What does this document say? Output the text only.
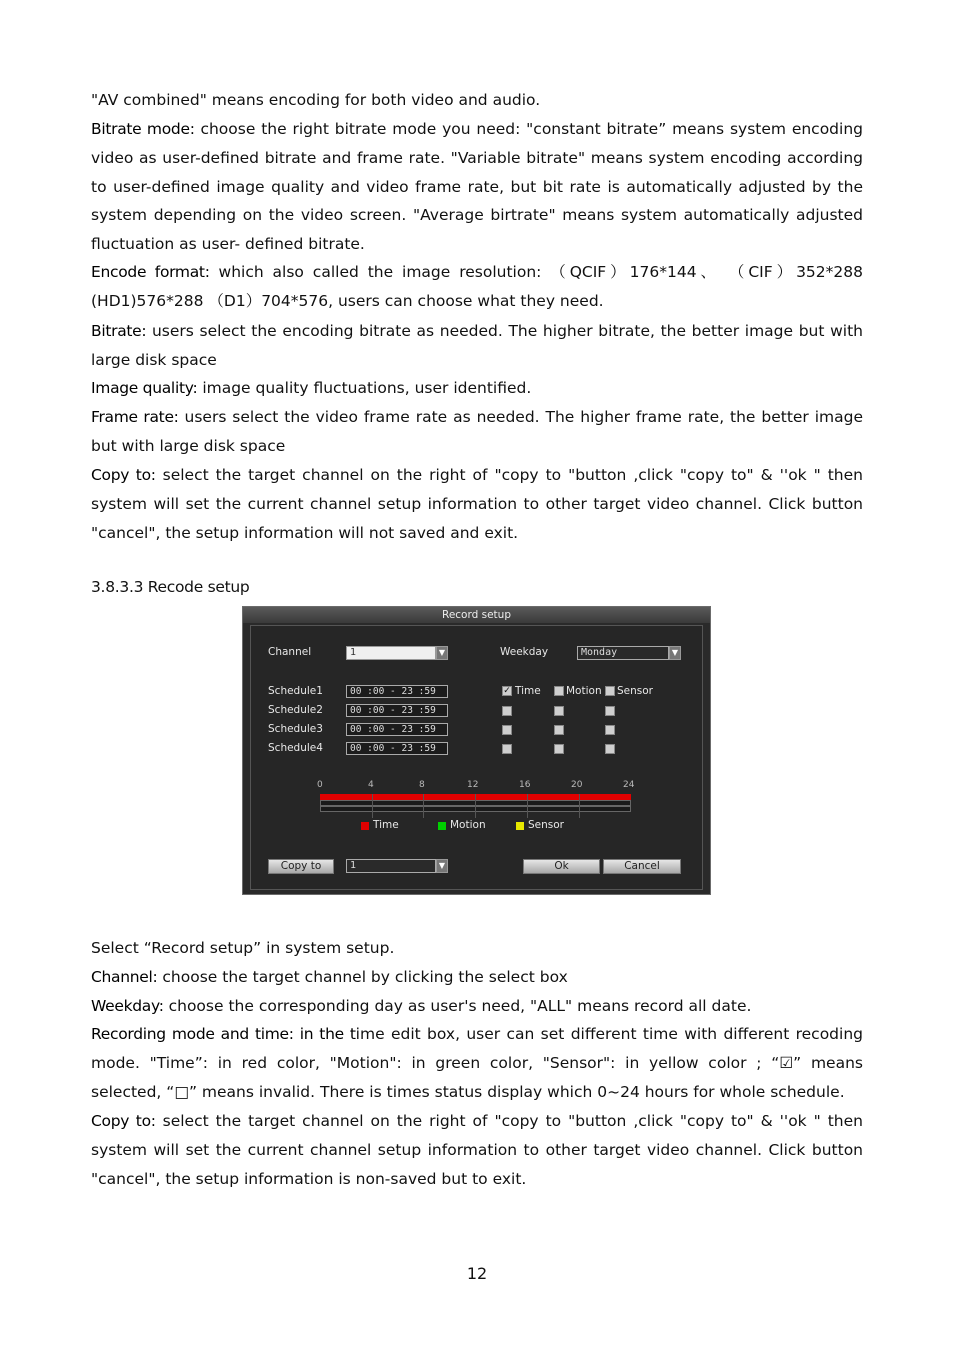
"AV combined" means encoding for both video and audio.

Bitrate mode: choose the right bitrate mode you need: "constant bitrate” means system encoding video as user-defined bitrate and frame rate. "Variable bitrate" means system encoding according to user-defined image quality and video frame rate, but bit rate is automatically adjusted by the system depending on the video screen. "Average birtrate" means system automatically adjusted fluctuation as user- defined bitrate.

Encode format: which also called the image resolution: （QCIF）176*144、 （CIF）352*288 (HD1)576*288 （D1）704*576, users can choose what they need.

Bitrate: users select the encoding bitrate as needed. The higher bitrate, the better image but with large disk space

Image quality: image quality fluctuations, user identified.

Frame rate: users select the video frame rate as needed. The higher frame rate, the better image but with large disk space

Copy to: select the target channel on the right of "copy to "button ,click "copy to" & ''ok " then system will set the current channel setup information to other target video channel. Click button "cancel", the setup information will not saved and exit.

3.8.3.3 Recode setup
Record setup
Channel	1	▼	Weekday	Monday	▼
✓ Time Motion Sensor
Schedule1	00 :00 - 23 :59
Schedule2	00 :00 - 23 :59
Schedule3	00 :00 - 23 :59
Schedule4	00 :00 - 23 :59
0	4	8	12	16	20	24
Time	Motion	Sensor
Copy to	1	▼	Ok	Cancel

Select “Record setup” in system setup.

Channel: choose the target channel by clicking the select box

Weekday: choose the corresponding day as user's need, "ALL" means record all date.

Recording mode and time: in the time edit box, user can set different time with different recoding mode. "Time”: in red color, "Motion": in green color, "Sensor": in yellow color ; “☑” means selected, “□” means invalid. There is times status display which 0~24 hours for whole schedule.

Copy to: select the target channel on the right of "copy to "button ,click "copy to" & ''ok " then system will set the current channel setup information to other target video channel. Click button "cancel", the setup information is non-saved but to exit.

12
